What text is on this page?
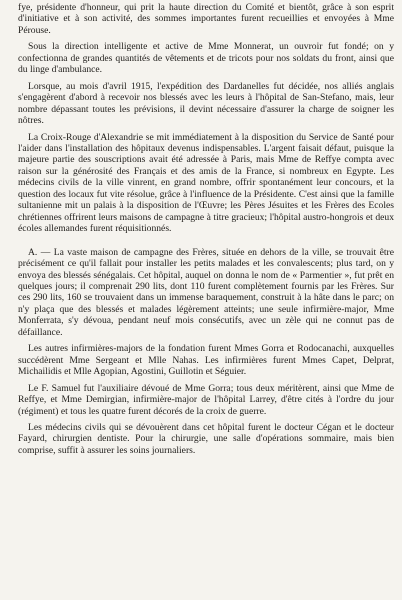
fye, présidente d'honneur, qui prit la haute direction du Comité et bientôt, grâce à son esprit d'initiative et à son activité, des sommes importantes furent recueillies et envoyées à Mme Pérouse.

Sous la direction intelligente et active de Mme Monnerat, un ouvroir fut fondé; on y confectionna de grandes quantités de vêtements et de tricots pour nos soldats du front, ainsi que du linge d'ambulance.

Lorsque, au mois d'avril 1915, l'expédition des Dardanelles fut décidée, nos alliés anglais s'engagèrent d'abord à recevoir nos blessés avec les leurs à l'hôpital de San-Stefano, mais, leur nombre dépassant toutes les prévisions, il devint nécessaire d'assurer la charge de soigner les nôtres.

La Croix-Rouge d'Alexandrie se mit immédiatement à la disposition du Service de Santé pour l'aider dans l'installation des hôpitaux devenus indispensables. L'argent faisait défaut, puisque la majeure partie des souscriptions avait été adressée à Paris, mais Mme de Reffye compta avec raison sur la générosité des Français et des amis de la France, si nombreux en Egypte. Les médecins civils de la ville vinrent, en grand nombre, offrir spontanément leur concours, et la question des locaux fut vite résolue, grâce à l'influence de la Présidente. C'est ainsi que la famille sultanienne mit un palais à la disposition de l'Œuvre; les Pères Jésuites et les Frères des Ecoles chrétiennes offrirent leurs maisons de campagne à titre gracieux; l'hôpital austro-hongrois et deux écoles allemandes furent réquisitionnés.

A. — La vaste maison de campagne des Frères, située en dehors de la ville, se trouvait être précisément ce qu'il fallait pour installer les petits malades et les convalescents; plus tard, on y envoya des blessés sénégalais. Cet hôpital, auquel on donna le nom de « Parmentier », fut prêt en quelques jours; il comprenait 290 lits, dont 110 furent complètement fournis par les Frères. Sur ces 290 lits, 160 se trouvaient dans un immense baraquement, construit à la hâte dans le parc; on n'y plaça que des blessés et malades légèrement atteints; une seule infirmière-major, Mme Monferrata, s'y dévoua, pendant neuf mois consécutifs, avec un zèle qui ne connut pas de défaillance.

Les autres infirmières-majors de la fondation furent Mmes Gorra et Rodocanachi, auxquelles succédèrent Mme Sergeant et Mlle Nahas. Les infirmières furent Mmes Capet, Delprat, Michailidis et Mlle Agopian, Agostini, Guillotin et Séguier.

Le F. Samuel fut l'auxiliaire dévoué de Mme Gorra; tous deux méritèrent, ainsi que Mme de Reffye, et Mme Demirgian, infirmière-major de l'hôpital Larrey, d'être cités à l'ordre du jour (régiment) et tous les quatre furent décorés de la croix de guerre.

Les médecins civils qui se dévouèrent dans cet hôpital furent le docteur Cégan et le docteur Fayard, chirurgien dentiste. Pour la chirurgie, une salle d'opérations sommaire, mais bien comprise, suffit à assurer les soins journaliers.
